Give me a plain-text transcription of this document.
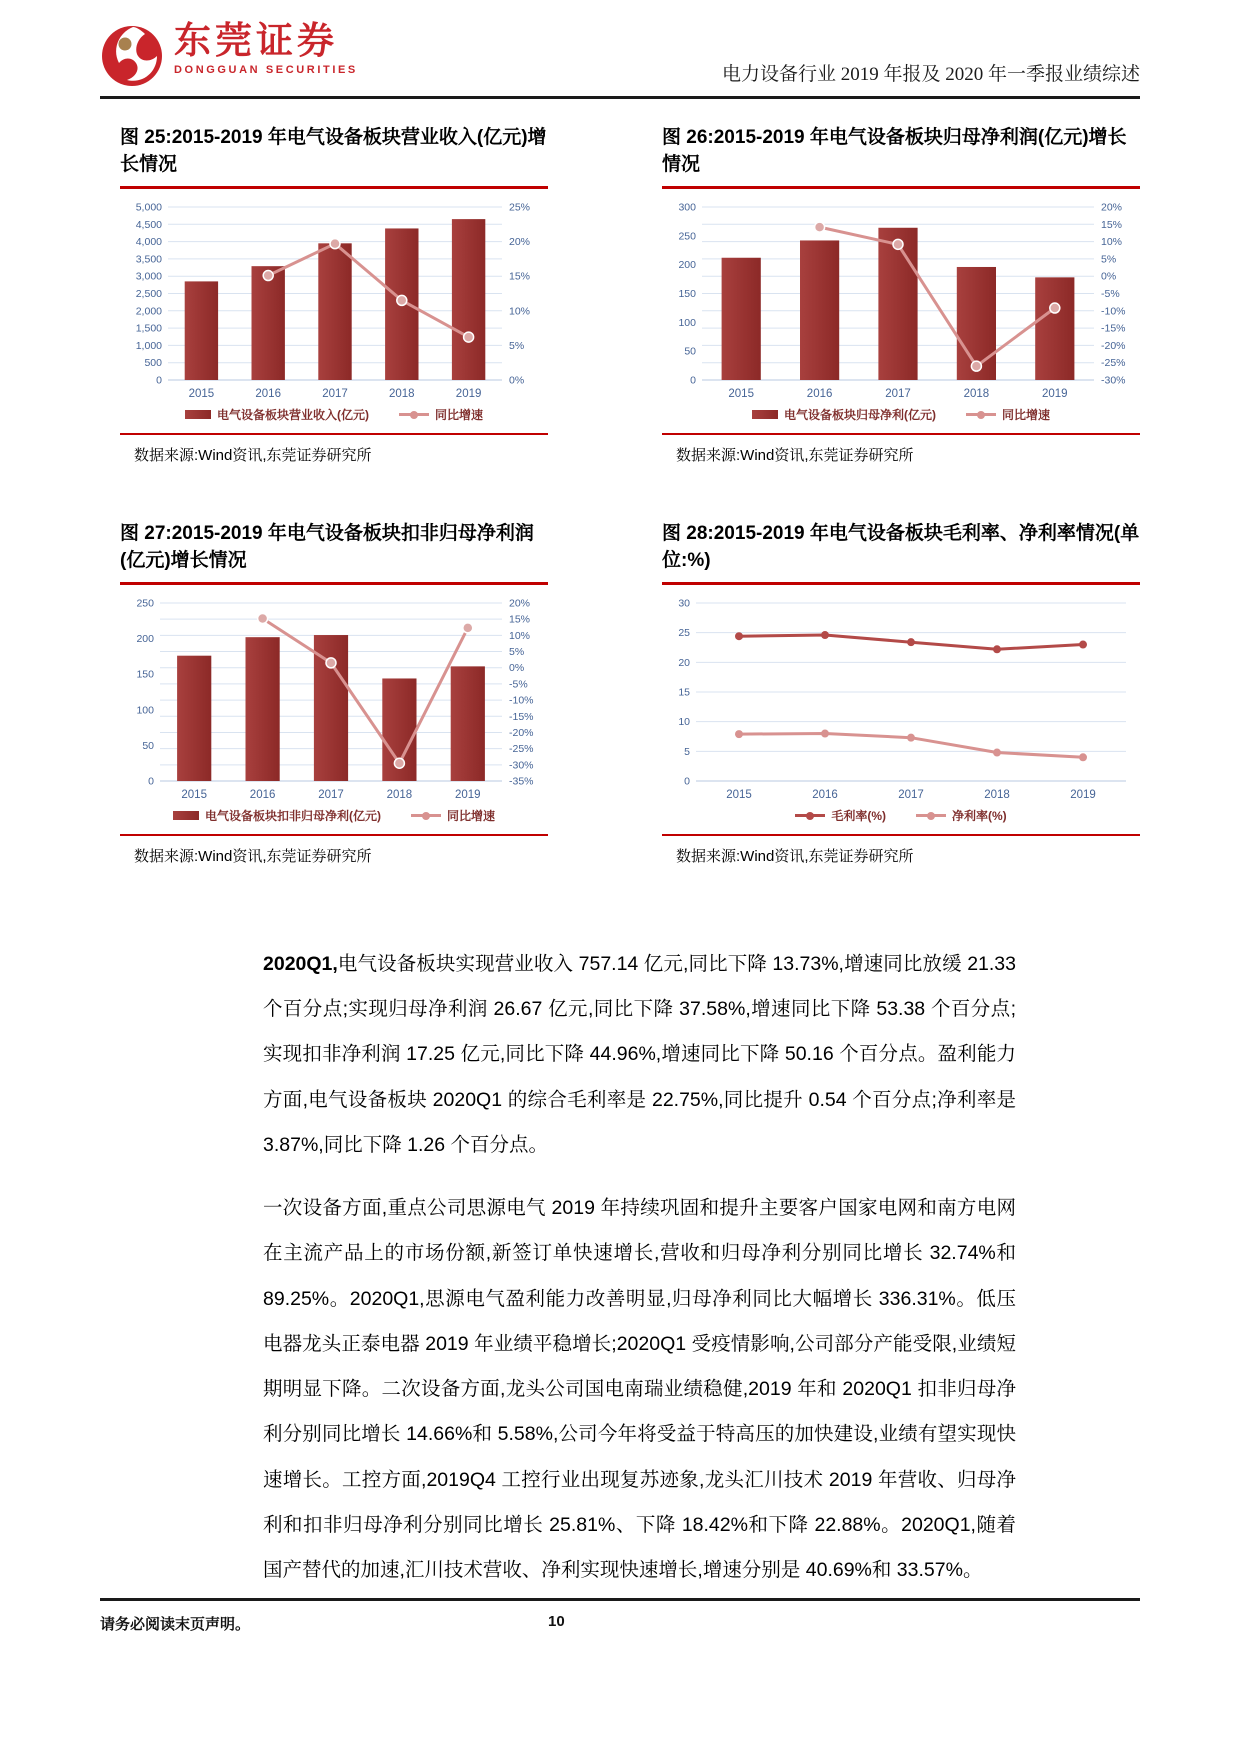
东莞证券
DONGGUAN SECURITIES	电力设备行业 2019 年报及 2020 年一季报业绩综述
图 25:2015-2019 年电气设备板块营业收入(亿元)增长情况
0
500
1,000
1,500
2,000
2,500
3,000
3,500
4,000
4,500
5,000
0%
5%
10%
15%
20%
25%
2015	2016	2017	2018	2019
电气设备板块营业收入(亿元)	同比增速
数据来源:Wind资讯,东莞证券研究所
图 26:2015-2019 年电气设备板块归母净利润(亿元)增长情况
0
50
100
150
200
250
300
-30%
-25%
-20%
-15%
-10%
-5%
0%
5%
10%
15%
20%
2015	2016	2017	2018	2019
电气设备板块归母净利(亿元)	同比增速
数据来源:Wind资讯,东莞证券研究所
图 27:2015-2019 年电气设备板块扣非归母净利润(亿元)增长情况
0
50
100
150
200
250
-35%
-30%
-25%
-20%
-15%
-10%
-5%
0%
5%
10%
15%
20%
2015	2016	2017	2018	2019
电气设备板块扣非归母净利(亿元)	同比增速
数据来源:Wind资讯,东莞证券研究所
图 28:2015-2019 年电气设备板块毛利率、净利率情况(单位:%)
0
5
10
15
20
25
30
2015	2016	2017	2018	2019
毛利率(%)	净利率(%)
数据来源:Wind资讯,东莞证券研究所

2020Q1,电气设备板块实现营业收入 757.14 亿元,同比下降 13.73%,增速同比放缓 21.33 个百分点;实现归母净利润 26.67 亿元,同比下降 37.58%,增速同比下降 53.38 个百分点;实现扣非净利润 17.25 亿元,同比下降 44.96%,增速同比下降 50.16 个百分点。盈利能力方面,电气设备板块 2020Q1 的综合毛利率是 22.75%,同比提升 0.54 个百分点;净利率是 3.87%,同比下降 1.26 个百分点。

一次设备方面,重点公司思源电气 2019 年持续巩固和提升主要客户国家电网和南方电网在主流产品上的市场份额,新签订单快速增长,营收和归母净利分别同比增长 32.74%和 89.25%。2020Q1,思源电气盈利能力改善明显,归母净利同比大幅增长 336.31%。低压电器龙头正泰电器 2019 年业绩平稳增长;2020Q1 受疫情影响,公司部分产能受限,业绩短期明显下降。二次设备方面,龙头公司国电南瑞业绩稳健,2019 年和 2020Q1 扣非归母净利分别同比增长 14.66%和 5.58%,公司今年将受益于特高压的加快建设,业绩有望实现快速增长。工控方面,2019Q4 工控行业出现复苏迹象,龙头汇川技术 2019 年营收、归母净利和扣非归母净利分别同比增长 25.81%、下降 18.42%和下降 22.88%。2020Q1,随着国产替代的加速,汇川技术营收、净利实现快速增长,增速分别是 40.69%和 33.57%。

请务必阅读末页声明。	10
